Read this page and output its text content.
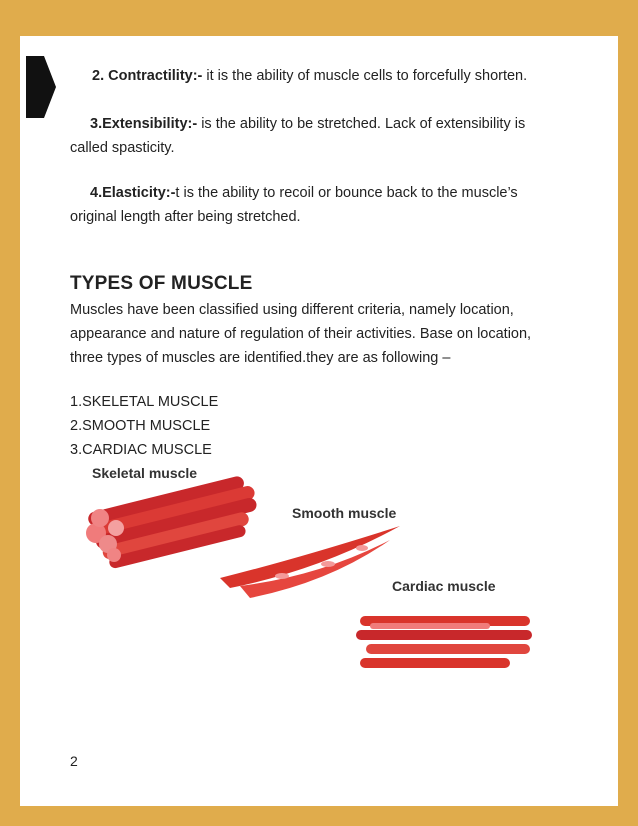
2. Contractility:- it is the ability of muscle cells to forcefully shorten.

3.Extensibility:- is the ability to be stretched. Lack of extensibility is

called spasticity.

4.Elasticity:-t is the ability to recoil or bounce back to the muscle’s

original length after being stretched.

TYPES OF MUSCLE

Muscles have been classified using different criteria, namely location,

appearance and nature of regulation of their activities. Base on location,

three types of muscles are identified.they are as following –

1.SKELETAL MUSCLE
2.SMOOTH MUSCLE
3.CARDIAC MUSCLE
Skeletal muscle
Smooth muscle
Cardiac muscle
2
